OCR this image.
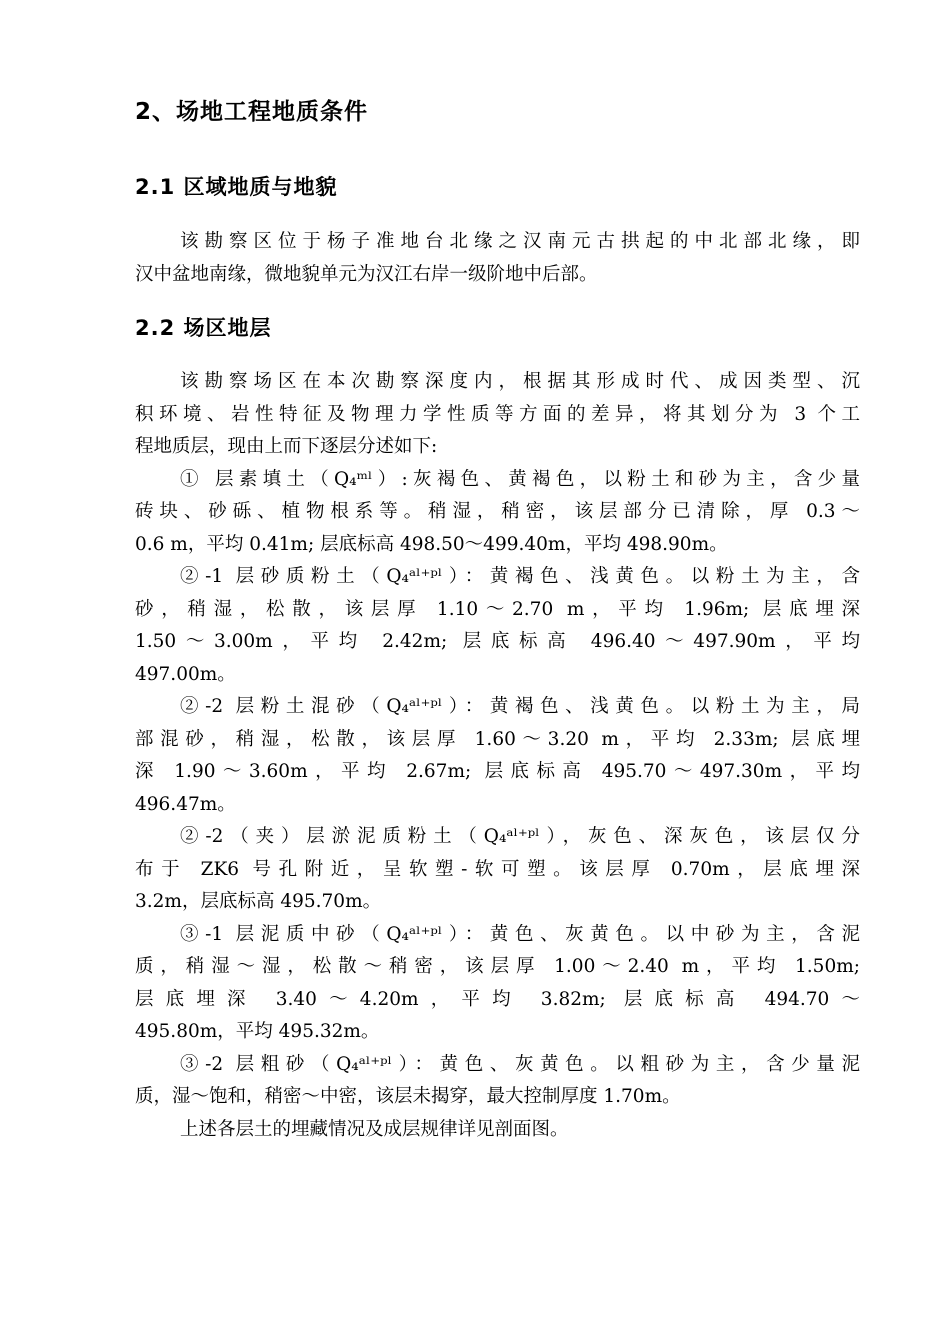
2、场地工程地质条件
2.1 区域地质与地貌
该勘察区位于杨子准地台北缘之汉南元古拱起的中北部北缘，即
汉中盆地南缘，微地貌单元为汉江右岸一级阶地中后部。
2.2 场区地层
该勘察场区在本次勘察深度内，根据其形成时代、成因类型、沉
积环境、岩性特征及物理力学性质等方面的差异，将其划分为 3 个工
程地质层，现由上而下逐层分述如下:
① 层素填土（Q₄ᵐˡ）:灰褐色、黄褐色，以粉土和砂为主，含少量
砖块、砂砾、植物根系等。稍湿，稍密，该层部分已清除，厚 0.3～
0.6 m，平均 0.41m; 层底标高 498.50～499.40m，平均 498.90m。
②-1 层砂质粉土（Q₄ᵃˡ⁺ᵖˡ）：黄褐色、浅黄色。以粉土为主，含
砂，稍湿，松散，该层厚 1.10～2.70 m，平均 1.96m; 层底埋深
1.50～3.00m，平均 2.42m; 层底标高 496.40～497.90m，平均
497.00m。
②-2 层粉土混砂（Q₄ᵃˡ⁺ᵖˡ）：黄褐色、浅黄色。以粉土为主，局
部混砂，稍湿，松散，该层厚 1.60～3.20 m，平均 2.33m; 层底埋
深 1.90～3.60m，平均 2.67m; 层底标高 495.70～497.30m，平均
496.47m。
②-2（夹）层淤泥质粉土（Q₄ᵃˡ⁺ᵖˡ），灰色、深灰色，该层仅分
布于 ZK6 号孔附近，呈软塑-软可塑。该层厚 0.70m，层底埋深
3.2m，层底标高 495.70m。
③-1 层泥质中砂（Q₄ᵃˡ⁺ᵖˡ）：黄色、灰黄色。以中砂为主，含泥
质，稍湿～湿，松散～稍密，该层厚 1.00～2.40 m，平均 1.50m;
层底埋深 3.40～4.20m，平均 3.82m; 层底标高 494.70～
495.80m，平均 495.32m。
③-2 层粗砂（Q₄ᵃˡ⁺ᵖˡ）：黄色、灰黄色。以粗砂为主，含少量泥
质，湿～饱和，稍密～中密，该层未揭穿，最大控制厚度 1.70m。
上述各层土的埋藏情况及成层规律详见剖面图。
